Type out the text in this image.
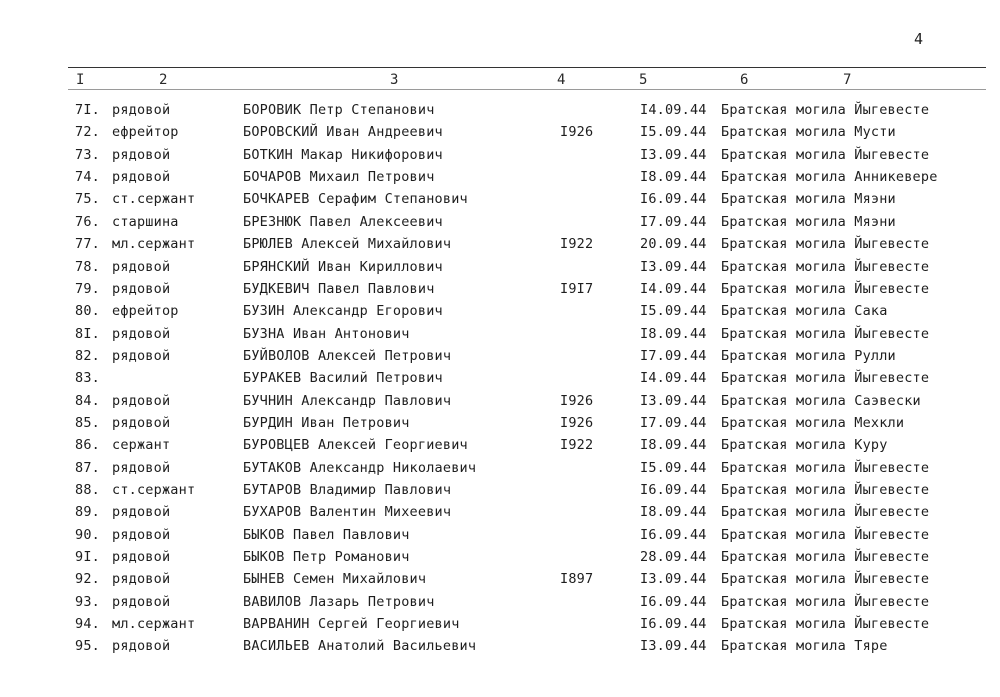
4
I	2	3	4	5	6	7
7I. рядовой	БОРОВИК Петр Степанович	I4.09.44 Братская могила Йыгевесте
72. ефрейтор	БОРОВСКИЙ Иван Андреевич	I926	I5.09.44 Братская могила Мусти
73. рядовой	БОТКИН Макар Никифорович	I3.09.44 Братская могила Йыгевесте
74. рядовой	БОЧАРОВ Михаил Петрович	I8.09.44 Братская могила Анникевере
75. ст.сержант	БОЧКАРЕВ Серафим Степанович	I6.09.44 Братская могила Мяэни
76. старшина	БРЕЗНЮК Павел Алексеевич	I7.09.44 Братская могила Мяэни
77. мл.сержант	БРЮЛЕВ Алексей Михайлович	I922	20.09.44 Братская могила Йыгевесте
78. рядовой	БРЯНСКИЙ Иван Кириллович	I3.09.44 Братская могила Йыгевесте
79. рядовой	БУДКЕВИЧ Павел Павлович	I9I7	I4.09.44 Братская могила Йыгевесте
80. ефрейтор	БУЗИН Александр Егорович	I5.09.44 Братская могила Сака
8I. рядовой	БУЗНА Иван Антонович	I8.09.44 Братская могила Йыгевесте
82. рядовой	БУЙВОЛОВ Алексей Петрович	I7.09.44 Братская могила Рулли
83.	БУРАКЕВ Василий Петрович	I4.09.44 Братская могила Йыгевесте
84. рядовой	БУЧНИН Александр Павлович	I926	I3.09.44 Братская могила Саэвески
85. рядовой	БУРДИН Иван Петрович	I926	I7.09.44 Братская могила Мехкли
86. сержант	БУРОВЦЕВ Алексей Георгиевич	I922	I8.09.44 Братская могила Куру
87. рядовой	БУТАКОВ Александр Николаевич	I5.09.44 Братская могила Йыгевесте
88. ст.сержант	БУТАРОВ Владимир Павлович	I6.09.44 Братская могила Йыгевесте
89. рядовой	БУХАРОВ Валентин Михеевич	I8.09.44 Братская могила Йыгевесте
90. рядовой	БЫКОВ Павел Павлович	I6.09.44 Братская могила Йыгевесте
9I. рядовой	БЫКОВ Петр Романович	28.09.44 Братская могила Йыгевесте
92. рядовой	БЫНЕВ Семен Михайлович	I897	I3.09.44 Братская могила Йыгевесте
93. рядовой	ВАВИЛОВ Лазарь Петрович	I6.09.44 Братская могила Йыгевесте
94. мл.сержант	ВАРВАНИН Сергей Георгиевич	I6.09.44 Братская могила Йыгевесте
95. рядовой	ВАСИЛЬЕВ Анатолий Васильевич	I3.09.44 Братская могила Тяре
